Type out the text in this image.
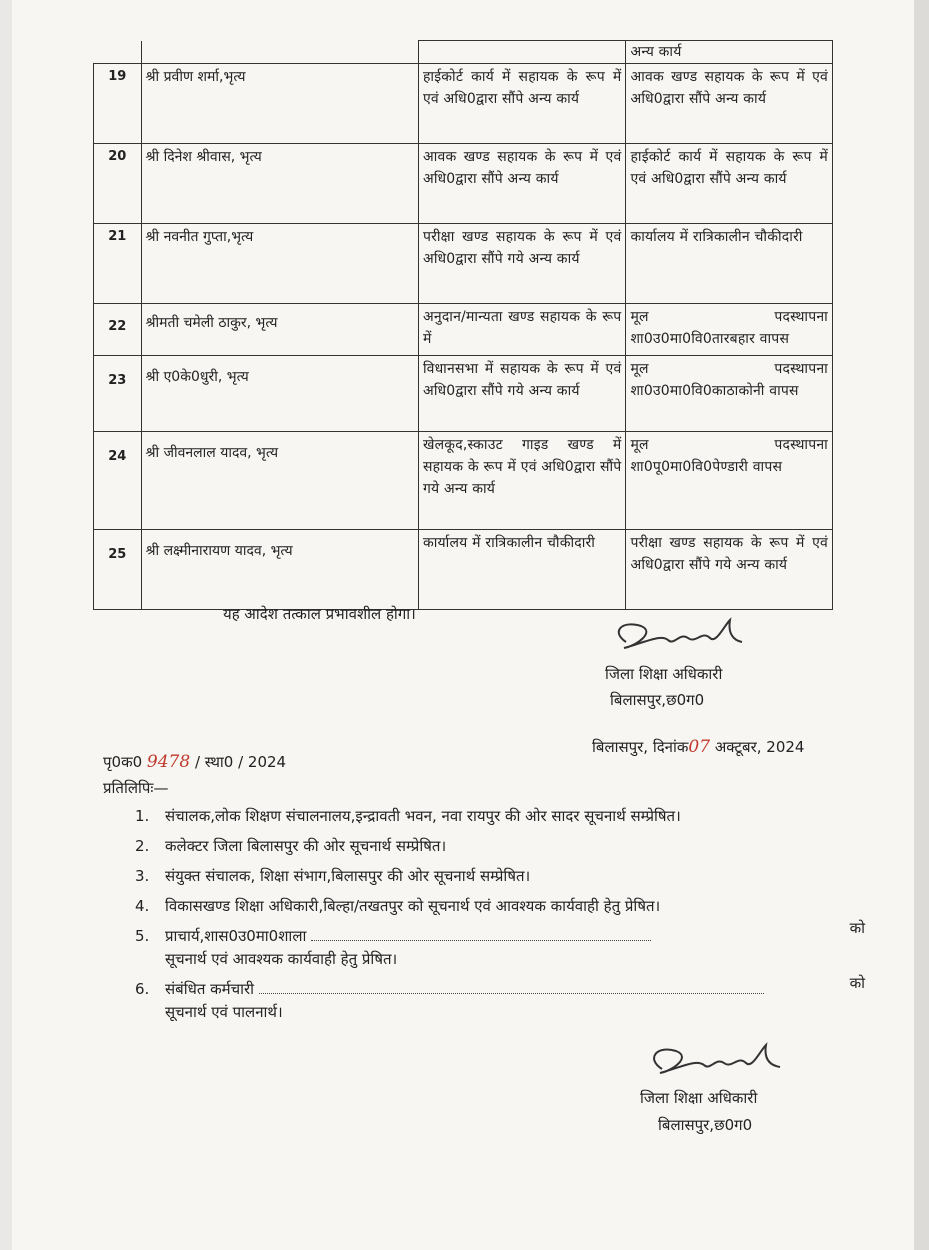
			अन्य कार्य
19	श्री प्रवीण शर्मा,भृत्य	हाईकोर्ट कार्य में सहायक के रूप में एवं अधि0द्वारा सौंपे अन्य कार्य	आवक खण्ड सहायक के रूप में एवं अधि0द्वारा सौंपे अन्य कार्य
20	श्री दिनेश श्रीवास, भृत्य	आवक खण्ड सहायक के रूप में एवं अधि0द्वारा सौंपे अन्य कार्य	हाईकोर्ट कार्य में सहायक के रूप में एवं अधि0द्वारा सौंपे अन्य कार्य
21	श्री नवनीत गुप्ता,भृत्य	परीक्षा खण्ड सहायक के रूप में एवं अधि0द्वारा सौंपे गये अन्य कार्य	कार्यालय में रात्रिकालीन चौकीदारी
22	श्रीमती चमेली ठाकुर, भृत्य	अनुदान/मान्यता खण्ड सहायक के रूप में	मूल पदस्थापना शा0उ0मा0वि0तारबहार वापस
23	श्री ए0के0धुरी, भृत्य	विधानसभा में सहायक के रूप में एवं अधि0द्वारा सौंपे गये अन्य कार्य	मूल पदस्थापना शा0उ0मा0वि0काठाकोनी वापस
24	श्री जीवनलाल यादव, भृत्य	खेलकूद,स्काउट गाइड खण्ड में सहायक के रूप में एवं अधि0द्वारा सौंपे गये अन्य कार्य	मूल पदस्थापना शा0पू0मा0वि0पेण्डारी वापस
25	श्री लक्ष्मीनारायण यादव, भृत्य	कार्यालय में रात्रिकालीन चौकीदारी	परीक्षा खण्ड सहायक के रूप में एवं अधि0द्वारा सौंपे गये अन्य कार्य
यह आदेश तत्काल प्रभावशील होगा।
जिला शिक्षा अधिकारी
बिलासपुर,छ0ग0
पृ0क0 9478 / स्था0 / 2024
बिलासपुर, दिनांक07 अक्टूबर, 2024
प्रतिलिपिः—
1. संचालक,लोक शिक्षण संचालनालय,इन्द्रावती भवन, नवा रायपुर की ओर सादर सूचनार्थ सम्प्रेषित।
2. कलेक्टर जिला बिलासपुर की ओर सूचनार्थ सम्प्रेषित।
3. संयुक्त संचालक, शिक्षा संभाग,बिलासपुर की ओर सूचनार्थ सम्प्रेषित।
4. विकासखण्ड शिक्षा अधिकारी,बिल्हा/तखतपुर को सूचनार्थ एवं आवश्यक कार्यवाही हेतु प्रेषित।
5. प्राचार्य,शास0उ0मा0शाला	को
सूचनार्थ एवं आवश्यक कार्यवाही हेतु प्रेषित।
6. संबंधित कर्मचारी	को
सूचनार्थ एवं पालनार्थ।
जिला शिक्षा अधिकारी
बिलासपुर,छ0ग0
